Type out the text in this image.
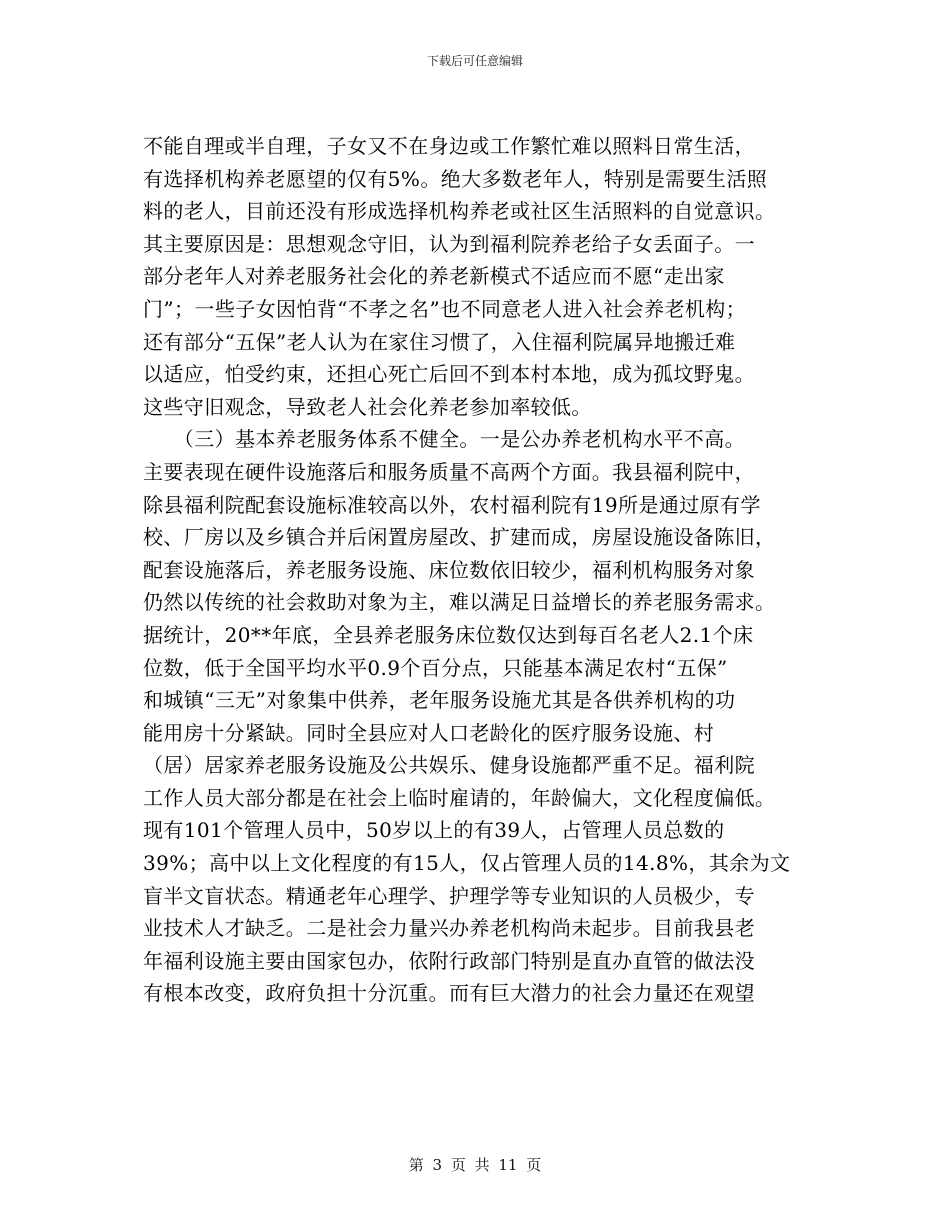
下载后可任意编辑
不能自理或半自理，子女又不在身边或工作繁忙难以照料日常生活，
有选择机构养老愿望的仅有5%。绝大多数老年人，特别是需要生活照
料的老人，目前还没有形成选择机构养老或社区生活照料的自觉意识。
其主要原因是：思想观念守旧，认为到福利院养老给子女丢面子。一
部分老年人对养老服务社会化的养老新模式不适应而不愿“走出家
门”；一些子女因怕背“不孝之名”也不同意老人进入社会养老机构；
还有部分“五保”老人认为在家住习惯了，入住福利院属异地搬迁难
以适应，怕受约束，还担心死亡后回不到本村本地，成为孤坟野鬼。
这些守旧观念，导致老人社会化养老参加率较低。
　　（三）基本养老服务体系不健全。一是公办养老机构水平不高。
主要表现在硬件设施落后和服务质量不高两个方面。我县福利院中，
除县福利院配套设施标准较高以外，农村福利院有19所是通过原有学
校、厂房以及乡镇合并后闲置房屋改、扩建而成，房屋设施设备陈旧，
配套设施落后，养老服务设施、床位数依旧较少，福利机构服务对象
仍然以传统的社会救助对象为主，难以满足日益增长的养老服务需求。
据统计，20**年底，全县养老服务床位数仅达到每百名老人2.1个床
位数，低于全国平均水平0.9个百分点，只能基本满足农村“五保”
和城镇“三无”对象集中供养，老年服务设施尤其是各供养机构的功
能用房十分紧缺。同时全县应对人口老龄化的医疗服务设施、村
（居）居家养老服务设施及公共娱乐、健身设施都严重不足。福利院
工作人员大部分都是在社会上临时雇请的，年龄偏大，文化程度偏低。
现有101个管理人员中，50岁以上的有39人，占管理人员总数的
39%；高中以上文化程度的有15人，仅占管理人员的14.8%，其余为文
盲半文盲状态。精通老年心理学、护理学等专业知识的人员极少，专
业技术人才缺乏。二是社会力量兴办养老机构尚未起步。目前我县老
年福利设施主要由国家包办，依附行政部门特别是直办直管的做法没
有根本改变，政府负担十分沉重。而有巨大潜力的社会力量还在观望
第 3 页 共 11 页
